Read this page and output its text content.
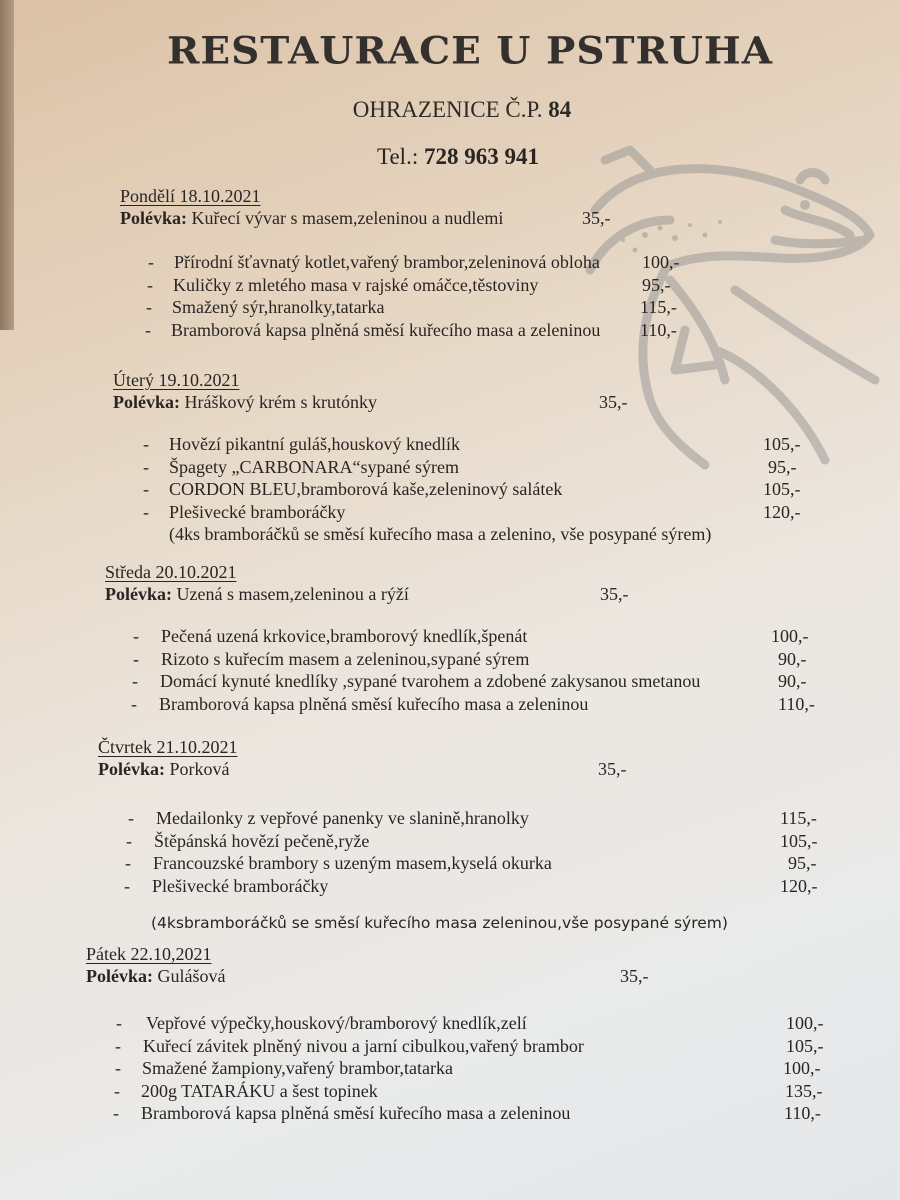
RESTAURACE U PSTRUHA
OHRAZENICE Č.P. 84
Tel.: 728 963 941
Pondělí 18.10.2021
Polévka: Kuřecí vývar s masem,zeleninou a nudlemi	35,-
- Přírodní šťavnatý kotlet,vařený brambor,zeleninová obloha 100,-
- Kuličky z mletého masa v rajské omáčce,těstoviny	95,-
- Smažený sýr,hranolky,tatarka	115,-
- Bramborová kapsa plněná směsí kuřecího masa a zeleninou 110,-
Úterý 19.10.2021
Polévka: Hráškový krém s krutónky	35,-
- Hovězí pikantní guláš,houskový knedlík	105,-
- Špagety „CARBONARA“sypané sýrem	95,-
- CORDON BLEU,bramborová kaše,zeleninový salátek	105,-
- Plešivecké bramboráčky	120,-
(4ks bramboráčků se směsí kuřecího masa a zelenino, vše posypané sýrem)
Středa 20.10.2021
Polévka: Uzená s masem,zeleninou a rýží	35,-
- Pečená uzená krkovice,bramborový knedlík,špenát	100,-
- Rizoto s kuřecím masem a zeleninou,sypané sýrem	90,-
- Domácí kynuté knedlíky ,sypané tvarohem a zdobené zakysanou smetanou	90,-
- Bramborová kapsa plněná směsí kuřecího masa a zeleninou	110,-
Čtvrtek 21.10.2021
Polévka: Porková	35,-
- Medailonky z vepřové panenky ve slanině,hranolky	115,-
- Štěpánská hovězí pečeně,ryže	105,-
- Francouzské brambory s uzeným masem,kyselá okurka	95,-
- Plešivecké bramboráčky	120,-
(4ksbramboráčků se směsí kuřecího masa zeleninou,vše posypané sýrem)
Pátek 22.10,2021
Polévka: Gulášová	35,-
- Vepřové výpečky,houskový/bramborový knedlík,zelí	100,-
- Kuřecí závitek plněný nivou a jarní cibulkou,vařený brambor	105,-
- Smažené žampiony,vařený brambor,tatarka	100,-
- 200g TATARÁKU a šest topinek	135,-
- Bramborová kapsa plněná směsí kuřecího masa a zeleninou	110,-
